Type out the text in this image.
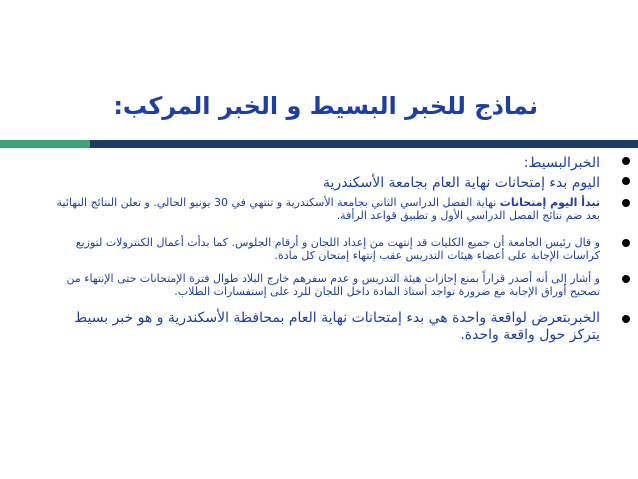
نماذج للخبر البسيط و الخبر المركب:

الخبرالبسيط:

اليوم بدء إمتحانات نهاية العام بجامعة الأسكندرية

تبدأ اليوم إمتحانات نهاية الفصل الدراسي الثاني بجامعة الأسكندرية و تنتهي في 30 يونيو الحالي. و تعلن النتائج النهائية بعد ضم نتائج الفصل الدراسي الأول و تطبيق قواعد الرأفة.

و قال رئيس الجامعة أن جميع الكليات قد إنتهت من إعداد اللجان و أرقام الجلوس. كما بدأت أعمال الكنترولات لتوزيع كراسات الإجابة على أعضاء هيئات التدريس عقب إنتهاء إمتحان كل مادة.

و أشار إلى أنه أصدر قراراً بمنع إجازات هيئة التدريس و عدم سفرهم خارج البلاد طوال فترة الإمتحانات حتى الإنتهاء من تصحيح أوراق الإجابة مع ضرورة تواجد أستاذ المادة داخل اللجان للرد على إستفسارات الطلاب.

الخبربتعرض لواقعة واحدة هي بدء إمتحانات نهاية العام بمحافظة الأسكندرية و هو خبر بسيط يتركز حول واقعة واحدة.
